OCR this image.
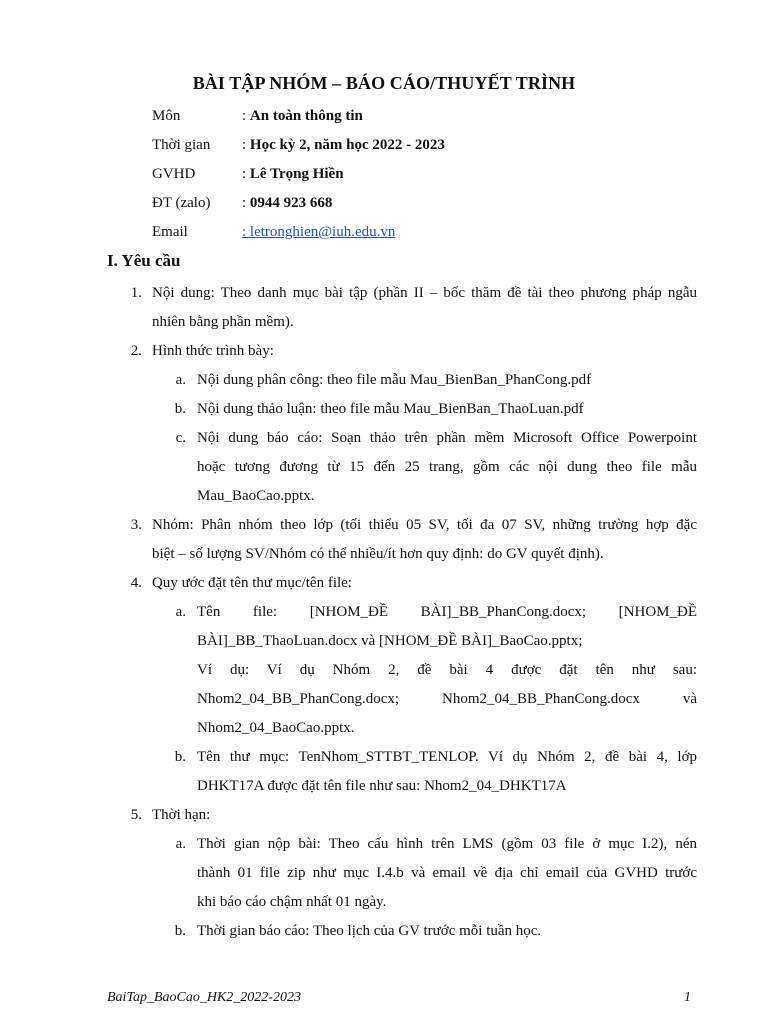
BÀI TẬP NHÓM – BÁO CÁO/THUYẾT TRÌNH
Môn	: An toàn thông tin
Thời gian	: Học kỳ 2, năm học 2022 - 2023
GVHD	: Lê Trọng Hiền
ĐT (zalo)	: 0944 923 668
Email	: letronghien@iuh.edu.vn
I. Yêu cầu
1. Nội dung: Theo danh mục bài tập (phần II – bốc thăm đề tài theo phương pháp ngẫu
nhiên bằng phần mềm).
2. Hình thức trình bày:
a. Nội dung phân công: theo file mẫu Mau_BienBan_PhanCong.pdf
b. Nội dung thảo luận: theo file mẫu Mau_BienBan_ThaoLuan.pdf
c. Nội dung báo cáo: Soạn thảo trên phần mềm Microsoft Office Powerpoint
hoặc tương đương từ 15 đến 25 trang, gồm các nội dung theo file mẫu
Mau_BaoCao.pptx.
3. Nhóm: Phân nhóm theo lớp (tối thiểu 05 SV, tối đa 07 SV, những trường hợp đặc
biệt – số lượng SV/Nhóm có thể nhiều/ít hơn quy định: do GV quyết định).
4. Quy ước đặt tên thư mục/tên file:
a. Tên file: [NHOM_ĐỀ BÀI]_BB_PhanCong.docx; [NHOM_ĐỀ
BÀI]_BB_ThaoLuan.docx và [NHOM_ĐỀ BÀI]_BaoCao.pptx;
Ví dụ: Ví dụ Nhóm 2, đề bài 4 được đặt tên như sau:
Nhom2_04_BB_PhanCong.docx; Nhom2_04_BB_PhanCong.docx và
Nhom2_04_BaoCao.pptx.
b. Tên thư mục: TenNhom_STTBT_TENLOP. Ví dụ Nhóm 2, đề bài 4, lớp
DHKT17A được đặt tên file như sau: Nhom2_04_DHKT17A
5. Thời hạn:
a. Thời gian nộp bài: Theo cấu hình trên LMS (gồm 03 file ở mục I.2), nén
thành 01 file zip như mục I.4.b và email về địa chỉ email của GVHD trước
khi báo cáo chậm nhất 01 ngày.
b. Thời gian báo cáo: Theo lịch của GV trước mỗi tuần học.
BaiTap_BaoCao_HK2_2022-2023	1
